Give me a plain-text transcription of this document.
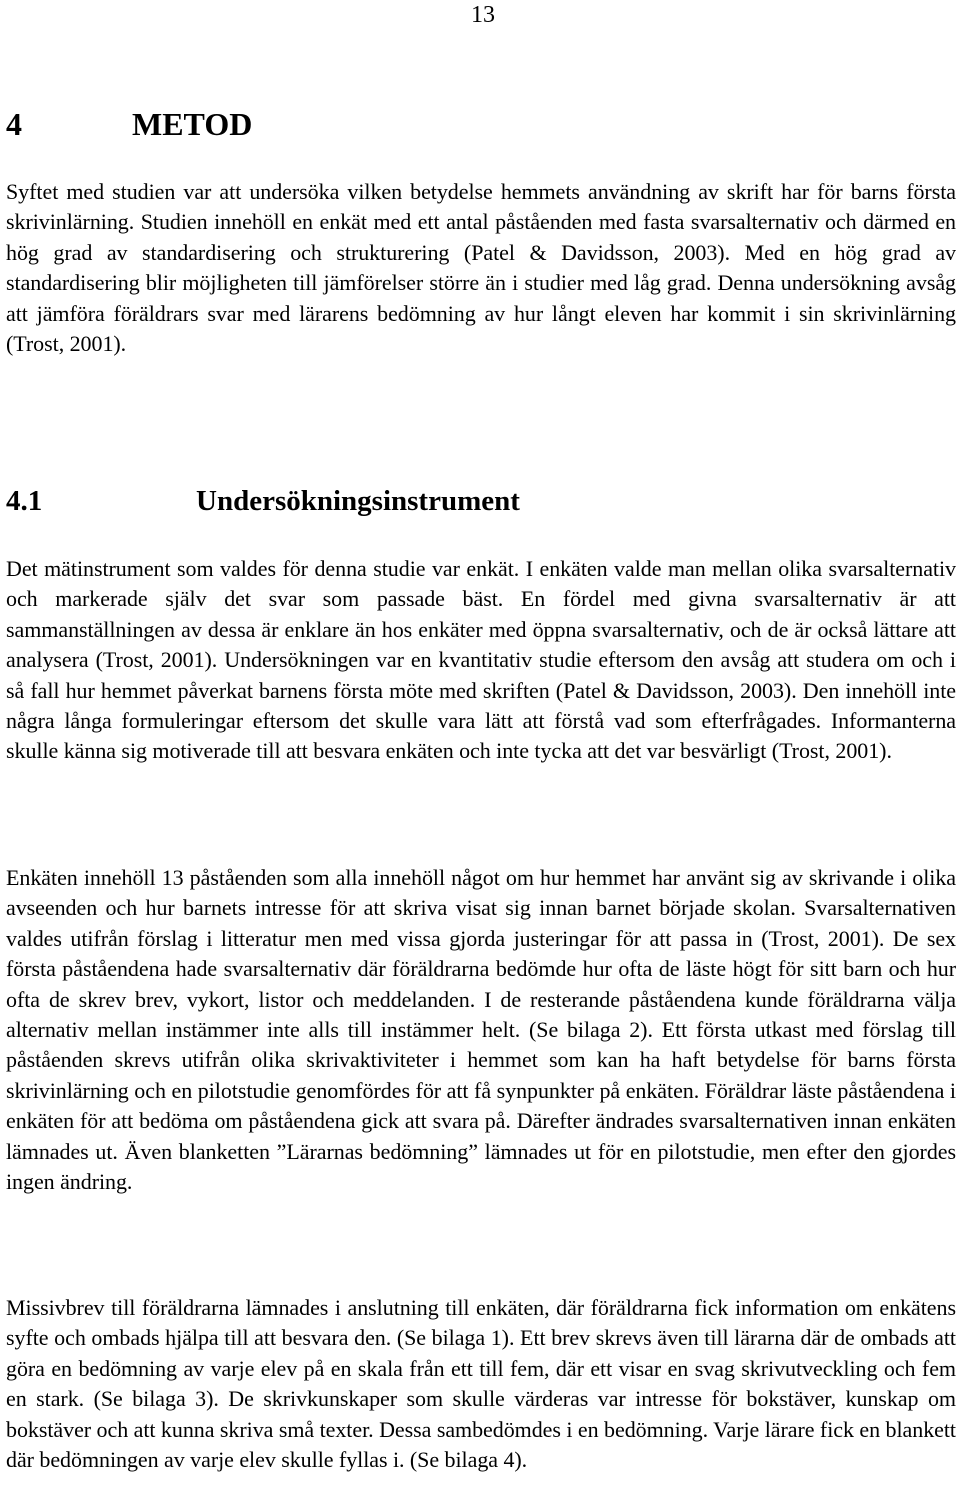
13
4	METOD

Syftet med studien var att undersöka vilken betydelse hemmets användning av skrift har för barns första skrivinlärning. Studien innehöll en enkät med ett antal påståenden med fasta svarsalternativ och därmed en hög grad av standardisering och strukturering (Patel & Davidsson, 2003). Med en hög grad av standardisering blir möjligheten till jämförelser större än i studier med låg grad. Denna undersökning avsåg att jämföra föräldrars svar med lärarens bedömning av hur långt eleven har kommit i sin skrivinlärning (Trost, 2001).

4.1	Undersökningsinstrument

Det mätinstrument som valdes för denna studie var enkät. I enkäten valde man mellan olika svarsalternativ och markerade själv det svar som passade bäst. En fördel med givna svarsalternativ är att sammanställningen av dessa är enklare än hos enkäter med öppna svarsalternativ, och de är också lättare att analysera (Trost, 2001). Undersökningen var en kvantitativ studie eftersom den avsåg att studera om och i så fall hur hemmet påverkat barnens första möte med skriften (Patel & Davidsson, 2003). Den innehöll inte några långa formuleringar eftersom det skulle vara lätt att förstå vad som efterfrågades. Informanterna skulle känna sig motiverade till att besvara enkäten och inte tycka att det var besvärligt (Trost, 2001).

Enkäten innehöll 13 påståenden som alla innehöll något om hur hemmet har använt sig av skrivande i olika avseenden och hur barnets intresse för att skriva visat sig innan barnet började skolan. Svarsalternativen valdes utifrån förslag i litteratur men med vissa gjorda justeringar för att passa in (Trost, 2001). De sex första påståendena hade svarsalternativ där föräldrarna bedömde hur ofta de läste högt för sitt barn och hur ofta de skrev brev, vykort, listor och meddelanden. I de resterande påståendena kunde föräldrarna välja alternativ mellan instämmer inte alls till instämmer helt. (Se bilaga 2). Ett första utkast med förslag till påståenden skrevs utifrån olika skrivaktiviteter i hemmet som kan ha haft betydelse för barns första skrivinlärning och en pilotstudie genomfördes för att få synpunkter på enkäten. Föräldrar läste påståendena i enkäten för att bedöma om påståendena gick att svara på. Därefter ändrades svarsalternativen innan enkäten lämnades ut. Även blanketten ”Lärarnas bedömning” lämnades ut för en pilotstudie, men efter den gjordes ingen ändring.

Missivbrev till föräldrarna lämnades i anslutning till enkäten, där föräldrarna fick information om enkätens syfte och ombads hjälpa till att besvara den. (Se bilaga 1). Ett brev skrevs även till lärarna där de ombads att göra en bedömning av varje elev på en skala från ett till fem, där ett visar en svag skrivutveckling och fem en stark. (Se bilaga 3). De skrivkunskaper som skulle värderas var intresse för bokstäver, kunskap om bokstäver och att kunna skriva små texter. Dessa sambedömdes i en bedömning. Varje lärare fick en blankett där bedömningen av varje elev skulle fyllas i. (Se bilaga 4).
